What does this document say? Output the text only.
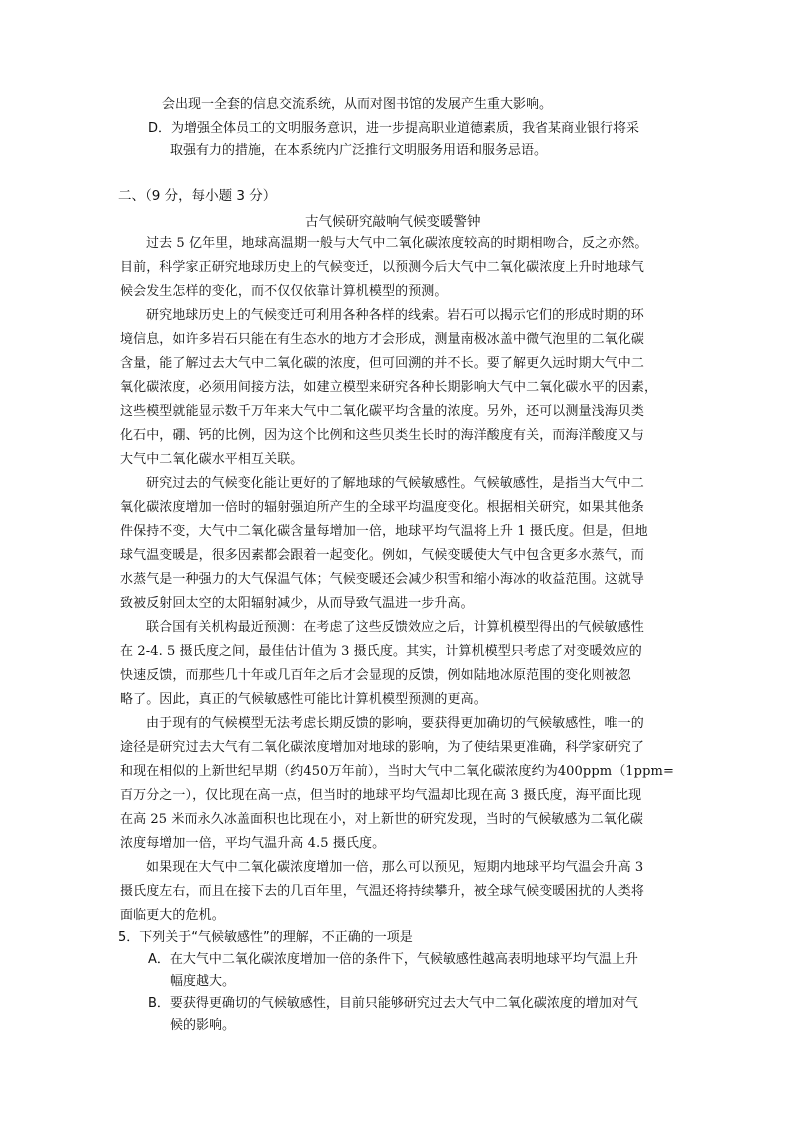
会出现一全套的信息交流系统，从而对图书馆的发展产生重大影响。
D．为增强全体员工的文明服务意识，进一步提高职业道德素质，我省某商业银行将采
取强有力的措施，在本系统内广泛推行文明服务用语和服务忌语。
二、（9 分，每小题 3 分）
古气候研究敲响气候变暖警钟
过去 5 亿年里，地球高温期一般与大气中二氧化碳浓度较高的时期相吻合，反之亦然。
目前，科学家正研究地球历史上的气候变迁，以预测今后大气中二氧化碳浓度上升时地球气
候会发生怎样的变化，而不仅仅依靠计算机模型的预测。
研究地球历史上的气候变迁可利用各种各样的线索。岩石可以揭示它们的形成时期的环
境信息，如许多岩石只能在有生态水的地方才会形成，测量南极冰盖中微气泡里的二氧化碳
含量，能了解过去大气中二氧化碳的浓度，但可回溯的并不长。要了解更久远时期大气中二
氧化碳浓度，必须用间接方法，如建立模型来研究各种长期影响大气中二氧化碳水平的因素，
这些模型就能显示数千万年来大气中二氧化碳平均含量的浓度。另外，还可以测量浅海贝类
化石中，硼、钙的比例，因为这个比例和这些贝类生长时的海洋酸度有关，而海洋酸度又与
大气中二氧化碳水平相互关联。
研究过去的气候变化能让更好的了解地球的气候敏感性。气候敏感性，是指当大气中二
氧化碳浓度增加一倍时的辐射强迫所产生的全球平均温度变化。根据相关研究，如果其他条
件保持不变，大气中二氧化碳含量每增加一倍，地球平均气温将上升 1 摄氏度。但是，但地
球气温变暖是，很多因素都会跟着一起变化。例如，气候变暖使大气中包含更多水蒸气，而
水蒸气是一种强力的大气保温气体；气候变暖还会减少积雪和缩小海冰的收益范围。这就导
致被反射回太空的太阳辐射减少，从而导致气温进一步升高。
联合国有关机构最近预测：在考虑了这些反馈效应之后，计算机模型得出的气候敏感性
在 2-4. 5 摄氏度之间，最佳估计值为 3 摄氏度。其实，计算机模型只考虑了对变暖效应的
快速反馈，而那些几十年或几百年之后才会显现的反馈，例如陆地冰原范围的变化则被忽
略了。因此，真正的气候敏感性可能比计算机模型预测的更高。
由于现有的气候模型无法考虑长期反馈的影响，要获得更加确切的气候敏感性，唯一的
途径是研究过去大气有二氧化碳浓度增加对地球的影响，为了使结果更准确，科学家研究了
和现在相似的上新世纪早期（约450万年前），当时大气中二氧化碳浓度约为400ppm（1ppm=
百万分之一），仅比现在高一点，但当时的地球平均气温却比现在高 3 摄氏度，海平面比现
在高 25 米而永久冰盖面积也比现在小，对上新世的研究发现，当时的气候敏感为二氧化碳
浓度每增加一倍，平均气温升高 4.5 摄氏度。
如果现在大气中二氧化碳浓度增加一倍，那么可以预见，短期内地球平均气温会升高 3
摄氏度左右，而且在接下去的几百年里，气温还将持续攀升，被全球气候变暖困扰的人类将
面临更大的危机。
5．下列关于“气候敏感性”的理解，不正确的一项是
A．在大气中二氧化碳浓度增加一倍的条件下，气候敏感性越高表明地球平均气温上升
幅度越大。
B．要获得更确切的气候敏感性，目前只能够研究过去大气中二氧化碳浓度的增加对气
候的影响。
